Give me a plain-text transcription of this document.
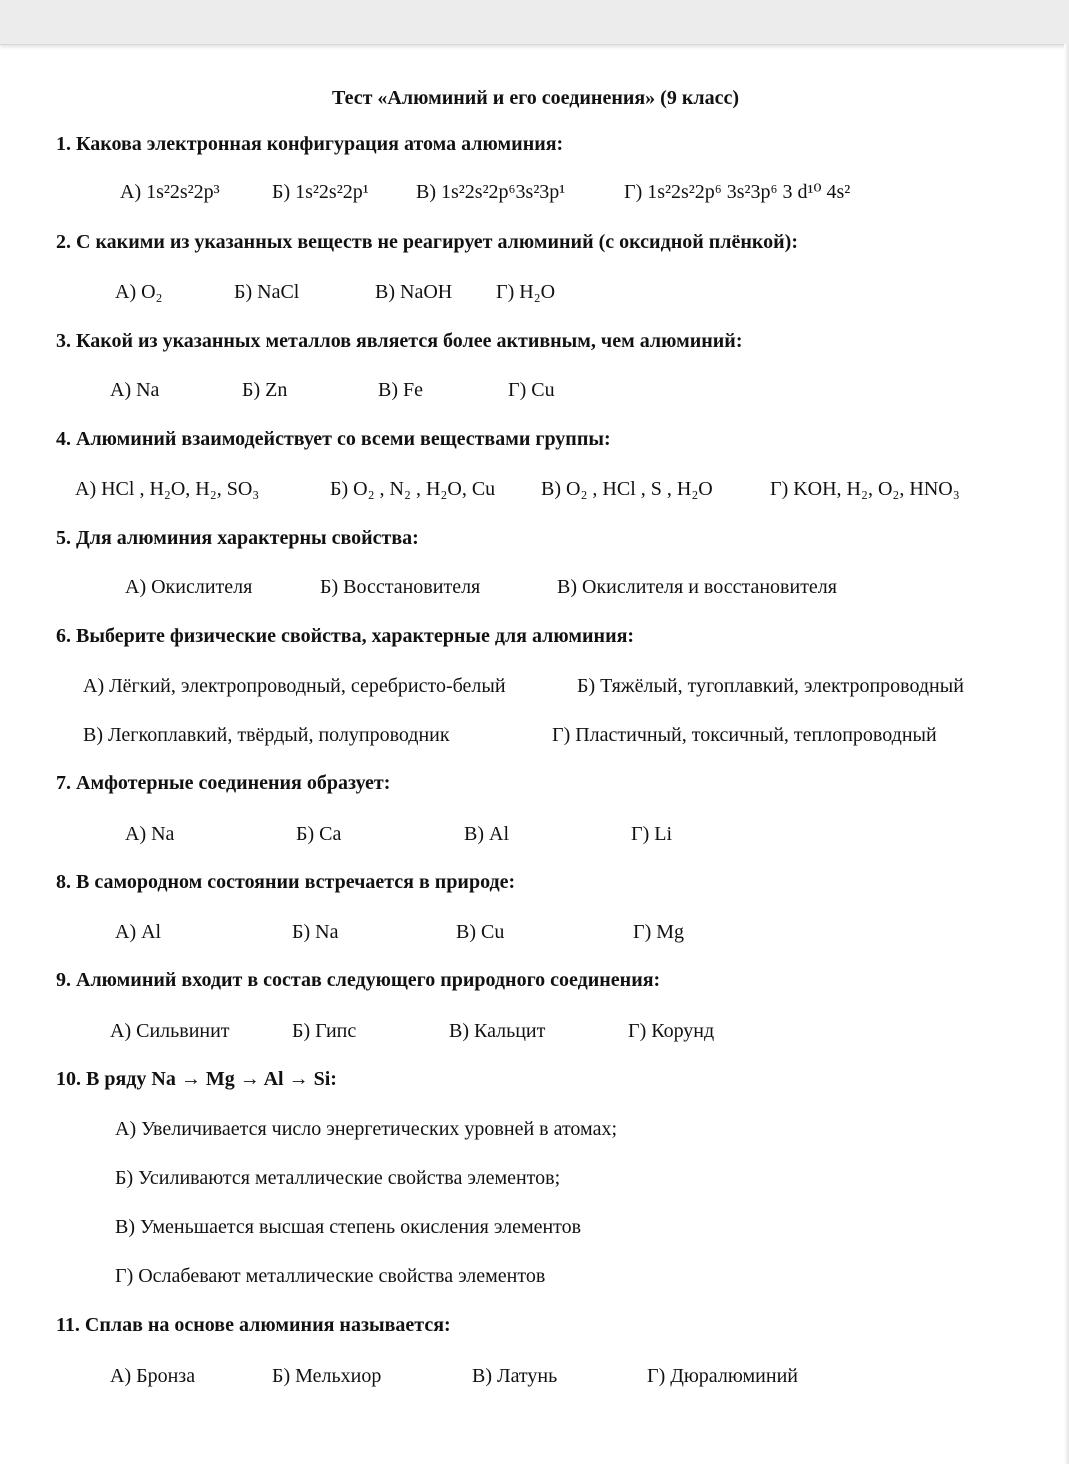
Тест «Алюминий и его соединения» (9 класс)
1. Какова электронная конфигурация атома алюминия:
А) 1s²2s²2p³	Б) 1s²2s²2p¹ В) 1s²2s²2p⁶3s²3p¹	Г) 1s²2s²2p⁶ 3s²3p⁶ 3 d¹⁰ 4s²
2. С какими из указанных веществ не реагирует алюминий (с оксидной плёнкой):
А) O₂	Б) NaCl	В) NaOH Г) H₂O
3. Какой из указанных металлов является более активным, чем алюминий:
А) Na	Б) Zn	В) Fe	Г) Cu
4. Алюминий взаимодействует со всеми веществами группы:
А) HCl , H₂O, H₂, SO₃	Б) O₂ , N₂ , H₂O, Cu В) O₂ , HCl , S , H₂O	Г) KOH, H₂, O₂, HNO₃
5. Для алюминия характерны свойства:
А) Окислителя	Б) Восстановителя	В) Окислителя и восстановителя
6. Выберите физические свойства, характерные для алюминия:
А) Лёгкий, электропроводный, серебристо-белый	Б) Тяжёлый, тугоплавкий, электропроводный
В) Легкоплавкий, твёрдый, полупроводник	Г) Пластичный, токсичный, теплопроводный
7. Амфотерные соединения образует:
А) Na	Б) Ca	В) Al	Г) Li
8. В самородном состоянии встречается в природе:
А) Al	Б) Na	В) Cu	Г) Mg
9. Алюминий входит в состав следующего природного соединения:
А) Сильвинит	Б) Гипс	В) Кальцит	Г) Корунд
10. В ряду Na → Mg → Al → Si:
А) Увеличивается число энергетических уровней в атомах;
Б) Усиливаются металлические свойства элементов;
В) Уменьшается высшая степень окисления элементов
Г) Ослабевают металлические свойства элементов
11. Сплав на основе алюминия называется:
А) Бронза	Б) Мельхиор	В) Латунь	Г) Дюралюминий
